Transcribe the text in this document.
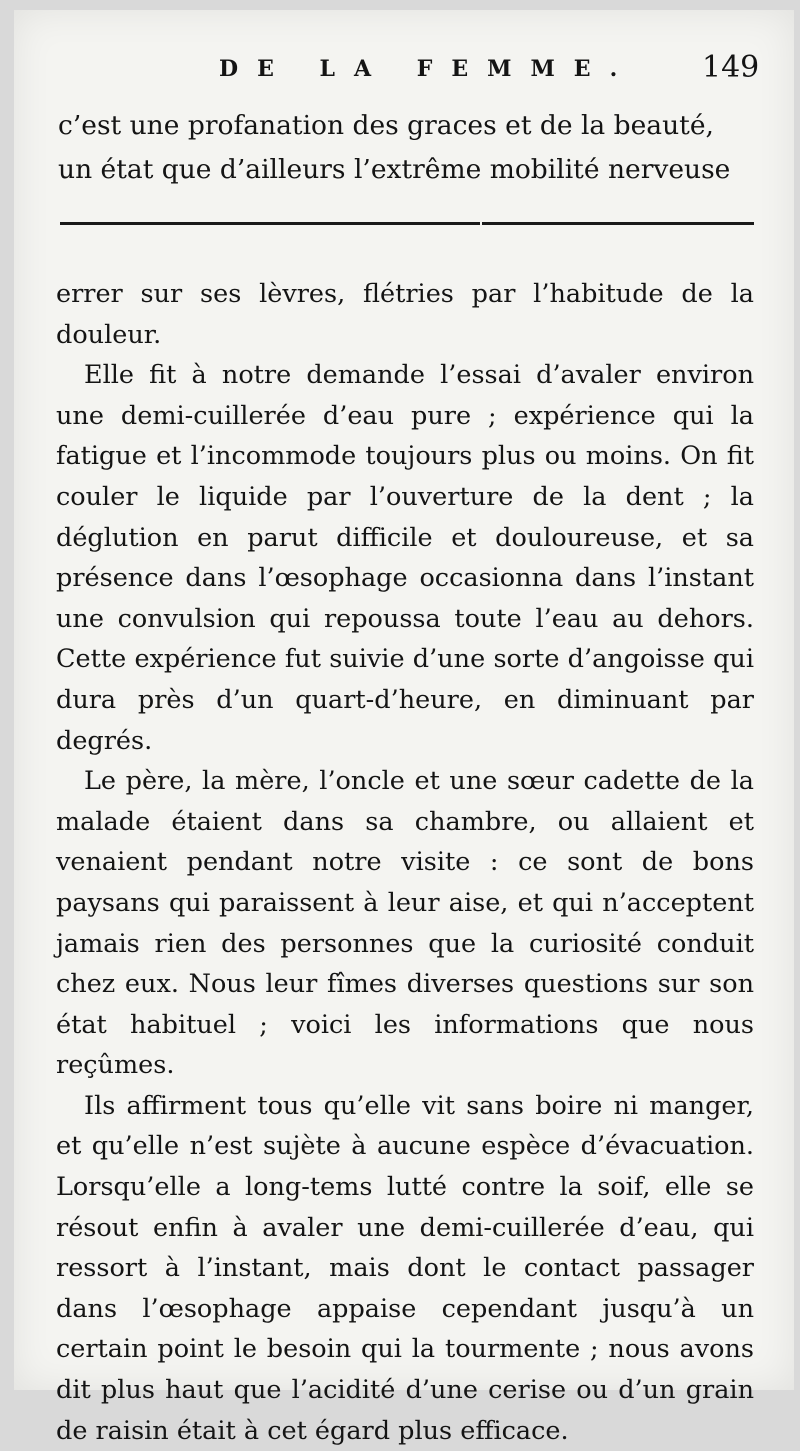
DE LA FEMME. 149
c’est une profanation des graces et de la beauté,
un état que d’ailleurs l’extrême mobilité nerveuse

errer sur ses lèvres, flétries par l’habitude de la douleur.

Elle fit à notre demande l’essai d’avaler environ une demi-cuillerée d’eau pure ; expérience qui la fatigue et l’incommode toujours plus ou moins. On fit couler le liquide par l’ouverture de la dent ; la déglution en parut difficile et douloureuse, et sa présence dans l’œsophage occasionna dans l’instant une convulsion qui repoussa toute l’eau au dehors. Cette expérience fut suivie d’une sorte d’angoisse qui dura près d’un quart-d’heure, en diminuant par degrés.

Le père, la mère, l’oncle et une sœur cadette de la malade étaient dans sa chambre, ou allaient et venaient pendant notre visite : ce sont de bons paysans qui paraissent à leur aise, et qui n’acceptent jamais rien des personnes que la curiosité conduit chez eux. Nous leur fîmes diverses questions sur son état habituel ; voici les informations que nous reçûmes.

Ils affirment tous qu’elle vit sans boire ni manger, et qu’elle n’est sujète à aucune espèce d’évacuation. Lorsqu’elle a long-tems lutté contre la soif, elle se résout enfin à avaler une demi-cuillerée d’eau, qui ressort à l’instant, mais dont le contact passager dans l’œsophage appaise cependant jusqu’à un certain point le besoin qui la tourmente ; nous avons dit plus haut que l’acidité d’une cerise ou d’un grain de raisin était à cet égard plus efficace.
